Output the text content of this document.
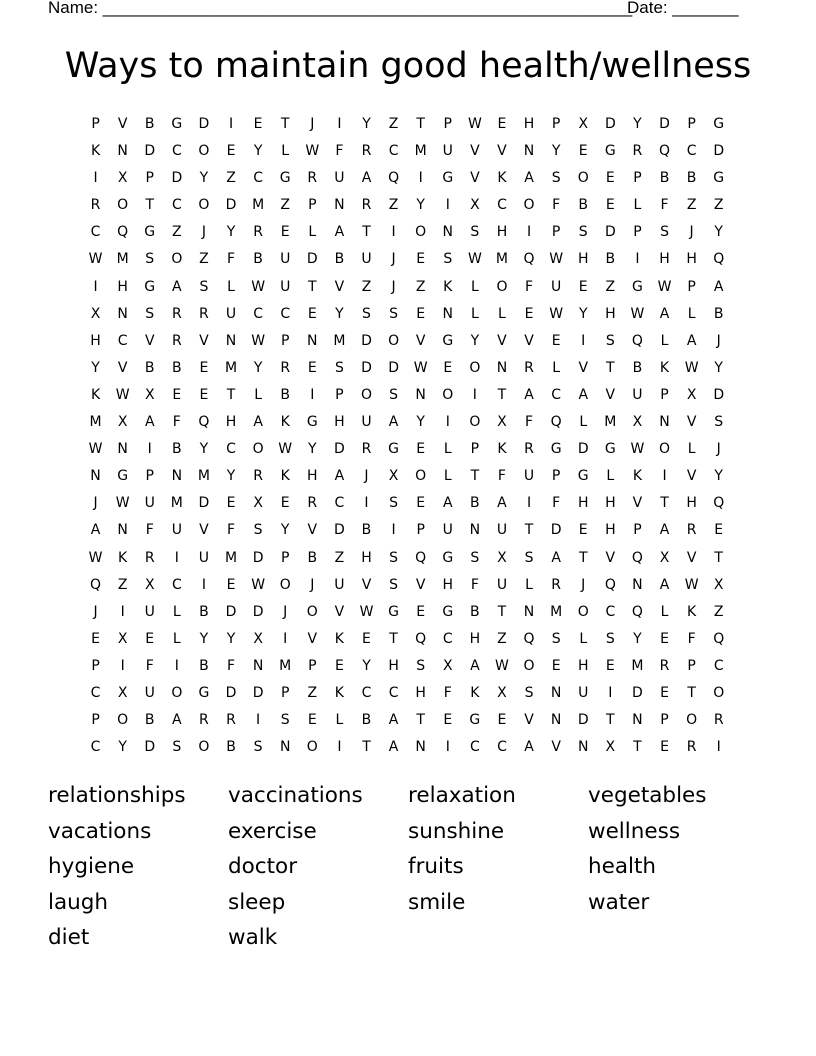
Name: ________________________________________________________
Date: _______
Ways to maintain good health/wellness
P	V	B	G	D	I	E	T	J	I	Y	Z	T	P	W	E	H	P	X	D	Y	D	P	G
K	N	D	C	O	E	Y	L	W	F	R	C	M	U	V	V	N	Y	E	G	R	Q	C	D
I	X	P	D	Y	Z	C	G	R	U	A	Q	I	G	V	K	A	S	O	E	P	B	B	G
R	O	T	C	O	D	M	Z	P	N	R	Z	Y	I	X	C	O	F	B	E	L	F	Z	Z
C	Q	G	Z	J	Y	R	E	L	A	T	I	O	N	S	H	I	P	S	D	P	S	J	Y
W	M	S	O	Z	F	B	U	D	B	U	J	E	S	W	M	Q	W	H	B	I	H	H	Q
I	H	G	A	S	L	W	U	T	V	Z	J	Z	K	L	O	F	U	E	Z	G	W	P	A
X	N	S	R	R	U	C	C	E	Y	S	S	E	N	L	L	E	W	Y	H	W	A	L	B
H	C	V	R	V	N	W	P	N	M	D	O	V	G	Y	V	V	E	I	S	Q	L	A	J
Y	V	B	B	E	M	Y	R	E	S	D	D	W	E	O	N	R	L	V	T	B	K	W	Y
K	W	X	E	E	T	L	B	I	P	O	S	N	O	I	T	A	C	A	V	U	P	X	D
M	X	A	F	Q	H	A	K	G	H	U	A	Y	I	O	X	F	Q	L	M	X	N	V	S
W	N	I	B	Y	C	O	W	Y	D	R	G	E	L	P	K	R	G	D	G	W	O	L	J
N	G	P	N	M	Y	R	K	H	A	J	X	O	L	T	F	U	P	G	L	K	I	V	Y
J	W	U	M	D	E	X	E	R	C	I	S	E	A	B	A	I	F	H	H	V	T	H	Q
A	N	F	U	V	F	S	Y	V	D	B	I	P	U	N	U	T	D	E	H	P	A	R	E
W	K	R	I	U	M	D	P	B	Z	H	S	Q	G	S	X	S	A	T	V	Q	X	V	T
Q	Z	X	C	I	E	W	O	J	U	V	S	V	H	F	U	L	R	J	Q	N	A	W	X
J	I	U	L	B	D	D	J	O	V	W	G	E	G	B	T	N	M	O	C	Q	L	K	Z
E	X	E	L	Y	Y	X	I	V	K	E	T	Q	C	H	Z	Q	S	L	S	Y	E	F	Q
P	I	F	I	B	F	N	M	P	E	Y	H	S	X	A	W	O	E	H	E	M	R	P	C
C	X	U	O	G	D	D	P	Z	K	C	C	H	F	K	X	S	N	U	I	D	E	T	O
P	O	B	A	R	R	I	S	E	L	B	A	T	E	G	E	V	N	D	T	N	P	O	R
C	Y	D	S	O	B	S	N	O	I	T	A	N	I	C	C	A	V	N	X	T	E	R	I
relationships	vaccinations	relaxation	vegetables
vacations	exercise	sunshine	wellness
hygiene	doctor	fruits	health
laugh	sleep	smile	water
diet	walk
